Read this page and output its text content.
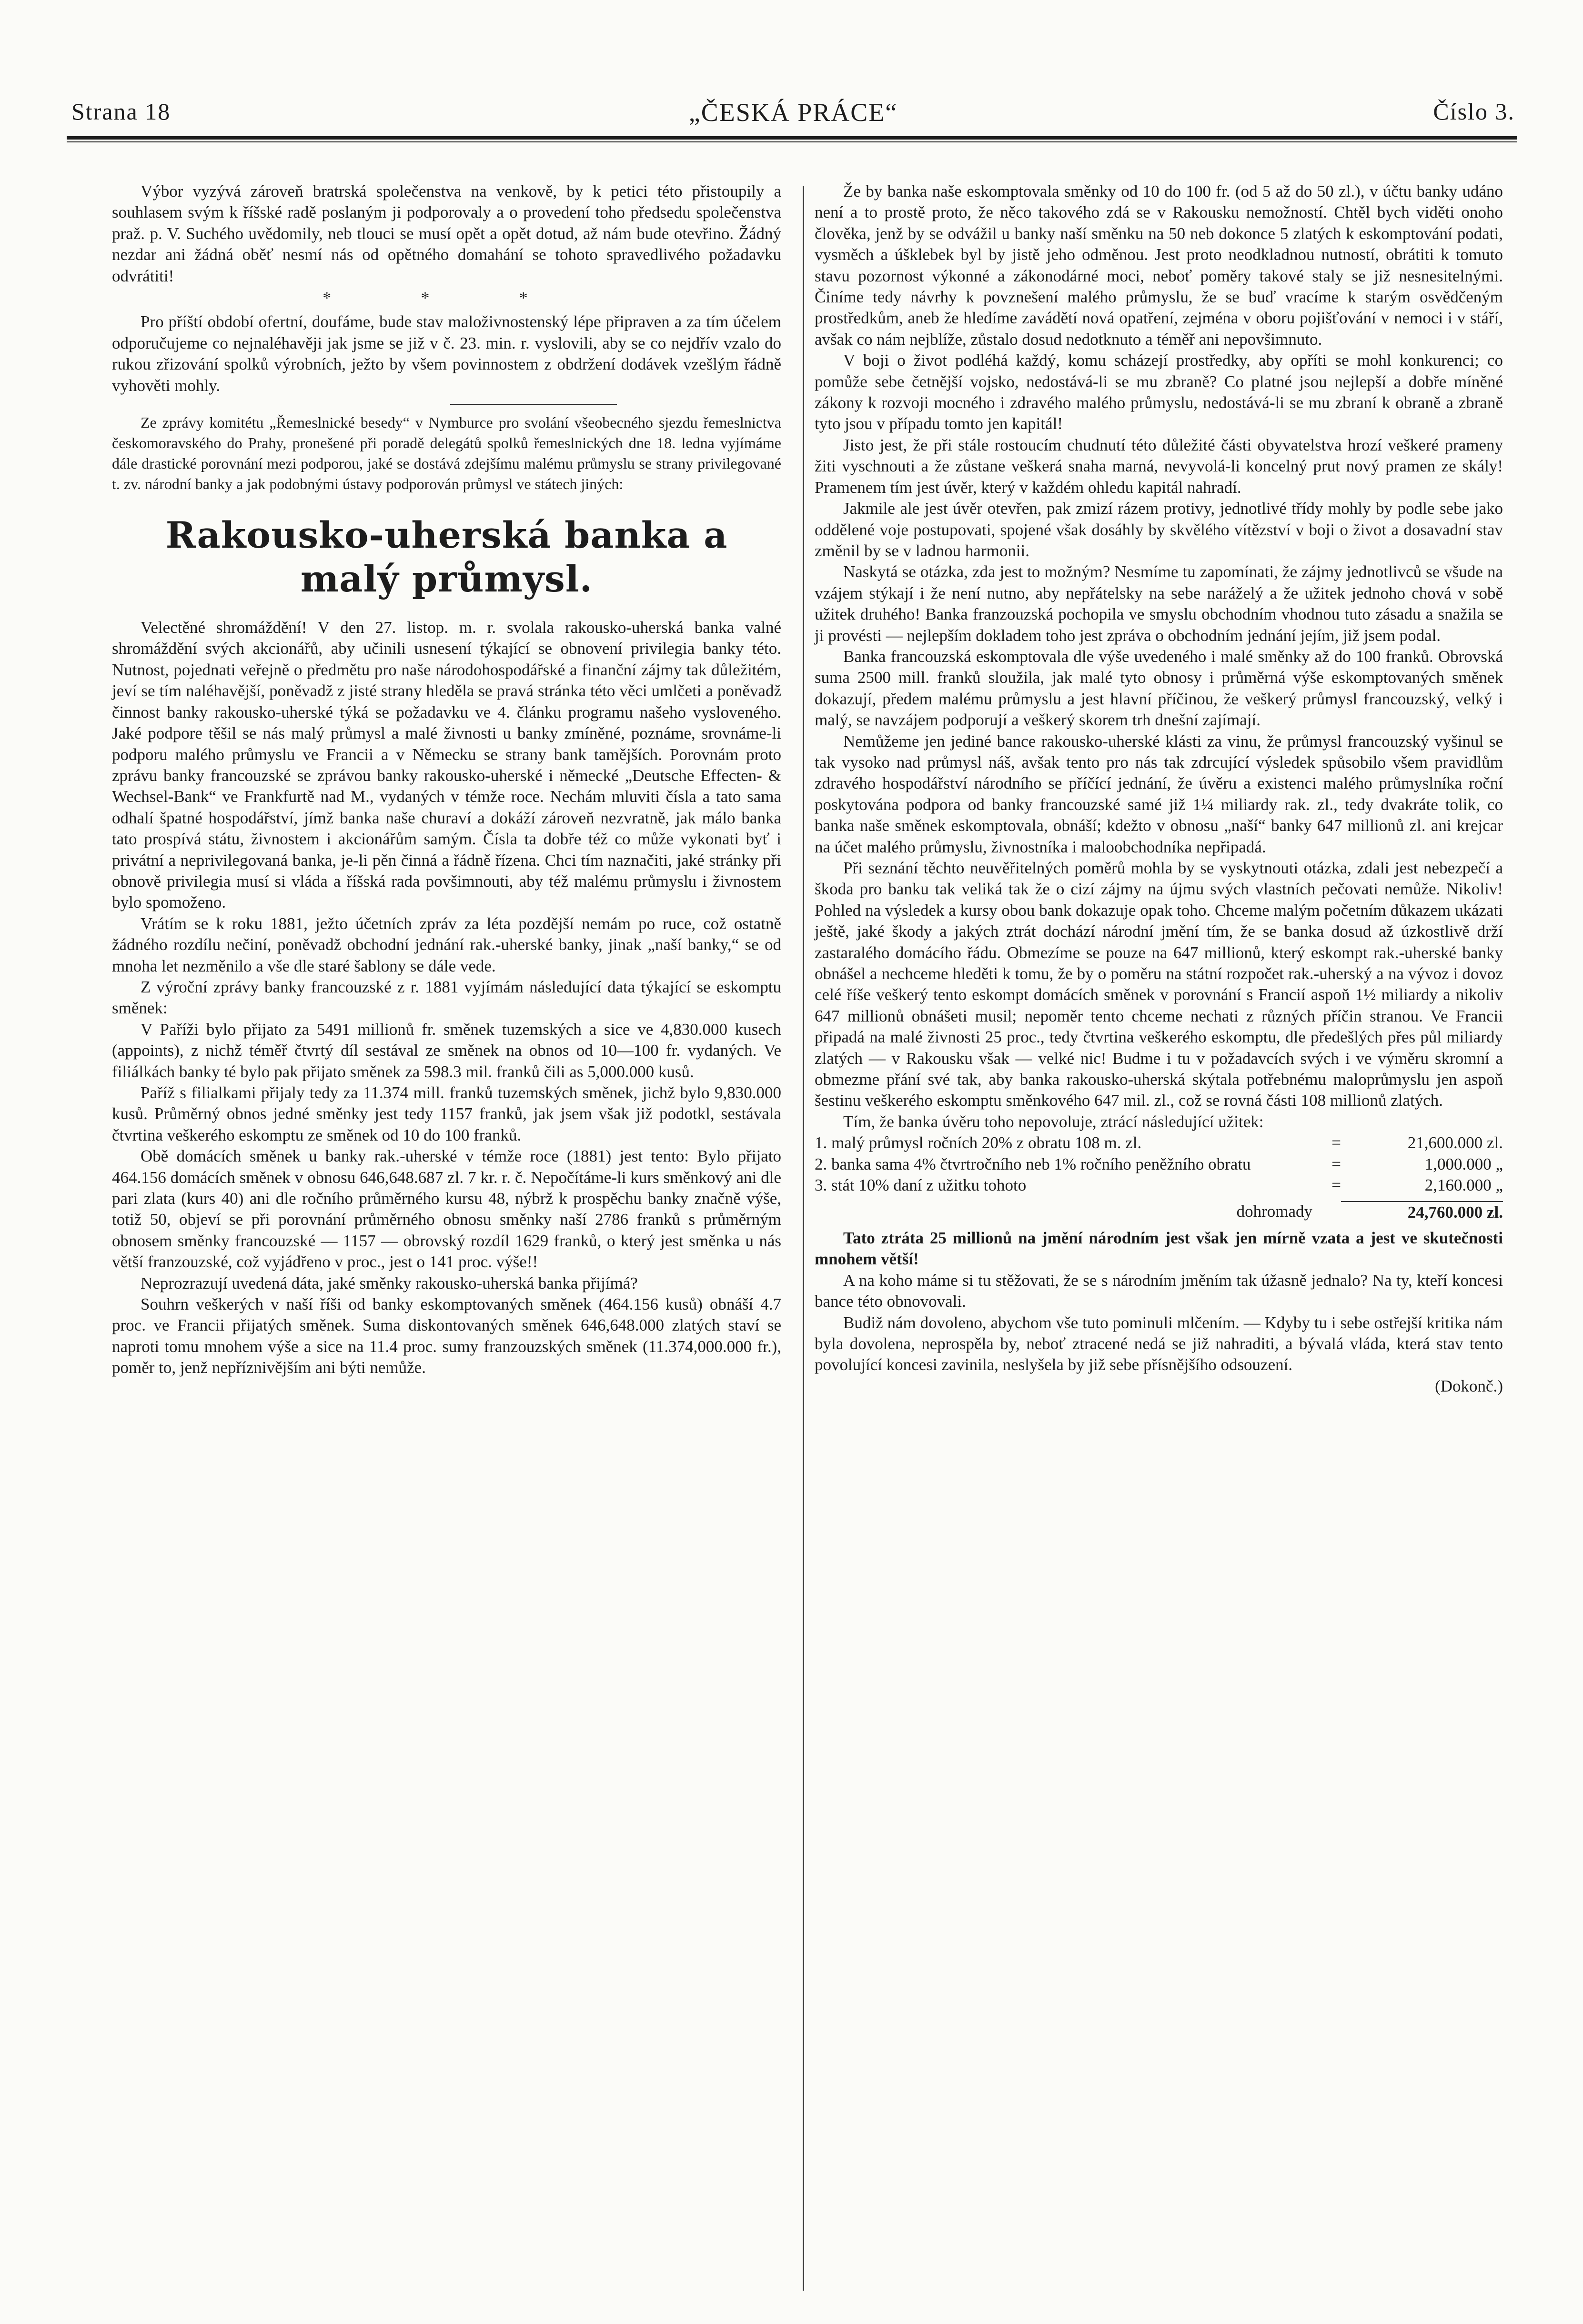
Strana 18	„ČESKÁ PRÁCE“	Číslo 3.

Výbor vyzývá zároveň bratrská společenstva na venkově, by k petici této přistoupily a souhlasem svým k říšské radě poslaným ji podporovaly a o provedení toho předsedu společenstva praž. p. V. Suchého uvědomily, neb tlouci se musí opět a opět dotud, až nám bude otevřino. Žádný nezdar ani žádná oběť nesmí nás od opětného domahání se tohoto spravedlivého požadavku odvrátiti!

* * *

Pro příští období ofertní, doufáme, bude stav maloživnostenský lépe připraven a za tím účelem odporučujeme co nejnaléhavěji jak jsme se již v č. 23. min. r. vyslovili, aby se co nejdřív vzalo do rukou zřizování spolků výrobních, ježto by všem povinnostem z obdržení dodávek vzešlým řádně vyhověti mohly.

Ze zprávy komitétu „Řemeslnické besedy“ v Nymburce pro svolání všeobecného sjezdu řemeslnictva českomoravského do Prahy, pronešené při poradě delegátů spolků řemeslnických dne 18. ledna vyjímáme dále drastické porovnání mezi podporou, jaké se dostává zdejšímu malému průmyslu se strany privilegované t. zv. národní banky a jak podobnými ústavy podporován průmysl ve státech jiných:

Rakousko-uherská banka a malý průmysl.

Velectěné shromáždění! V den 27. listop. m. r. svolala rakousko-uherská banka valné shromáždění svých akcionářů, aby učinili usnesení týkající se obnovení privilegia banky této. Nutnost, pojednati veřejně o předmětu pro naše národohospodářské a finanční zájmy tak důležitém, jeví se tím naléhavější, poněvadž z jisté strany hleděla se pravá stránka této věci umlčeti a poněvadž činnost banky rakousko-uherské týká se požadavku ve 4. článku programu našeho vysloveného. Jaké podpore těšil se nás malý průmysl a malé živnosti u banky zmíněné, poznáme, srovnáme-li podporu malého průmyslu ve Francii a v Německu se strany bank tamějších. Porovnám proto zprávu banky francouzské se zprávou banky rakousko-uherské i německé „Deutsche Effecten- & Wechsel-Bank“ ve Frankfurtě nad M., vydaných v témže roce. Nechám mluviti čísla a tato sama odhalí špatné hospodářství, jímž banka naše churaví a dokáží zároveň nezvratně, jak málo banka tato prospívá státu, živnostem i akcionářům samým. Čísla ta dobře též co může vykonati byť i privátní a neprivilegovaná banka, je-li pěn činná a řádně řízena. Chci tím naznačiti, jaké stránky při obnově privilegia musí si vláda a říšská rada povšimnouti, aby též malému průmyslu i živnostem bylo spomoženo.

Vrátím se k roku 1881, ježto účetních zpráv za léta pozdější nemám po ruce, což ostatně žádného rozdílu nečiní, poněvadž obchodní jednání rak.-uherské banky, jinak „naší banky,“ se od mnoha let nezměnilo a vše dle staré šablony se dále vede.

Z výroční zprávy banky francouzské z r. 1881 vyjímám následující data týkající se eskomptu směnek:

V Paříži bylo přijato za 5491 millionů fr. směnek tuzemských a sice ve 4,830.000 kusech (appoints), z nichž téměř čtvrtý díl sestával ze směnek na obnos od 10—100 fr. vydaných. Ve filiálkách banky té bylo pak přijato směnek za 598.3 mil. franků čili as 5,000.000 kusů.

Paříž s filialkami přijaly tedy za 11.374 mill. franků tuzemských směnek, jichž bylo 9,830.000 kusů. Průměrný obnos jedné směnky jest tedy 1157 franků, jak jsem však již podotkl, sestávala čtvrtina veškerého eskomptu ze směnek od 10 do 100 franků.

Obě domácích směnek u banky rak.-uherské v témže roce (1881) jest tento: Bylo přijato 464.156 domácích směnek v obnosu 646,648.687 zl. 7 kr. r. č. Nepočítáme-li kurs směnkový ani dle pari zlata (kurs 40) ani dle ročního průměrného kursu 48, nýbrž k prospěchu banky značně výše, totiž 50, objeví se při porovnání průměrného obnosu směnky naší 2786 franků s průměrným obnosem směnky francouzské — 1157 — obrovský rozdíl 1629 franků, o který jest směnka u nás větší franzouzské, což vyjádřeno v proc., jest o 141 proc. výše!!

Neprozrazují uvedená dáta, jaké směnky rakousko-uherská banka přijímá?

Souhrn veškerých v naší říši od banky eskomptovaných směnek (464.156 kusů) obnáší 4.7 proc. ve Francii přijatých směnek. Suma diskontovaných směnek 646,648.000 zlatých staví se naproti tomu mnohem výše a sice na 11.4 proc. sumy franzouzských směnek (11.374,000.000 fr.), poměr to, jenž nepříznivějším ani býti nemůže.

Že by banka naše eskomptovala směnky od 10 do 100 fr. (od 5 až do 50 zl.), v účtu banky udáno není a to prostě proto, že něco takového zdá se v Rakousku nemožností. Chtěl bych viděti onoho člověka, jenž by se odvážil u banky naší směnku na 50 neb dokonce 5 zlatých k eskomptování podati, vysměch a úšklebek byl by jistě jeho odměnou. Jest proto neodkladnou nutností, obrátiti k tomuto stavu pozornost výkonné a zákonodárné moci, neboť poměry takové staly se již nesnesitelnými. Činíme tedy návrhy k povznešení malého průmyslu, že se buď vracíme k starým osvědčeným prostředkům, aneb že hledíme zavádětí nová opatření, zejména v oboru pojišťování v nemoci i v stáří, avšak co nám nejblíže, zůstalo dosud nedotknuto a téměř ani nepovšimnuto.

V boji o život podléhá každý, komu scházejí prostředky, aby opříti se mohl konkurenci; co pomůže sebe četnější vojsko, nedostává-li se mu zbraně? Co platné jsou nejlepší a dobře míněné zákony k rozvoji mocného i zdravého malého průmyslu, nedostává-li se mu zbraní k obraně a zbraně tyto jsou v případu tomto jen kapitál!

Jisto jest, že při stále rostoucím chudnutí této důležité části obyvatelstva hrozí veškeré prameny žiti vyschnouti a že zůstane veškerá snaha marná, nevyvolá-li koncelný prut nový pramen ze skály! Pramenem tím jest úvěr, který v každém ohledu kapitál nahradí.

Jakmile ale jest úvěr otevřen, pak zmizí rázem protivy, jednotlivé třídy mohly by podle sebe jako oddělené voje postupovati, spojené však dosáhly by skvělého vítězství v boji o život a dosavadní stav změnil by se v ladnou harmonii.

Naskytá se otázka, zda jest to možným? Nesmíme tu zapomínati, že zájmy jednotlivců se všude na vzájem stýkají i že není nutno, aby nepřátelsky na sebe naráželý a že užitek jednoho chová v sobě užitek druhého! Banka franzouzská pochopila ve smyslu obchodním vhodnou tuto zásadu a snažila se ji provésti — nejlepším dokladem toho jest zpráva o obchodním jednání jejím, již jsem podal.

Banka francouzská eskomptovala dle výše uvedeného i malé směnky až do 100 franků. Obrovská suma 2500 mill. franků sloužila, jak malé tyto obnosy i průměrná výše eskomptovaných směnek dokazují, předem malému průmyslu a jest hlavní příčinou, že veškerý průmysl francouzský, velký i malý, se navzájem podporují a veškerý skorem trh dnešní zajímají.

Nemůžeme jen jediné bance rakousko-uherské klásti za vinu, že průmysl francouzský vyšinul se tak vysoko nad průmysl náš, avšak tento pro nás tak zdrcující výsledek spůsobilo všem pravidlům zdravého hospodářství národního se příčící jednání, že úvěru a existenci malého průmyslníka roční poskytována podpora od banky francouzské samé již 1¼ miliardy rak. zl., tedy dvakráte tolik, co banka naše směnek eskomptovala, obnáší; kdežto v obnosu „naší“ banky 647 millionů zl. ani krejcar na účet malého průmyslu, živnostníka i maloobchodníka nepřipadá.

Při seznání těchto neuvěřitelných poměrů mohla by se vyskytnouti otázka, zdali jest nebezpečí a škoda pro banku tak veliká tak že o cizí zájmy na újmu svých vlastních pečovati nemůže. Nikoliv! Pohled na výsledek a kursy obou bank dokazuje opak toho. Chceme malým početním důkazem ukázati ještě, jaké škody a jakých ztrát dochází národní jmění tím, že se banka dosud až úzkostlivě drží zastaralého domácího řádu. Obmezíme se pouze na 647 millionů, který eskompt rak.-uherské banky obnášel a nechceme hleděti k tomu, že by o poměru na státní rozpočet rak.-uherský a na vývoz i dovoz celé říše veškerý tento eskompt domácích směnek v porovnání s Francií aspoň 1½ miliardy a nikoliv 647 millionů obnášeti musil; nepoměr tento chceme nechati z různých příčin stranou. Ve Francii připadá na malé živnosti 25 proc., tedy čtvrtina veškerého eskomptu, dle předešlých přes půl miliardy zlatých — v Rakousku však — velké nic! Budme i tu v požadavcích svých i ve výměru skromní a obmezme přání své tak, aby banka rakousko-uherská skýtala potřebnému maloprůmyslu jen aspoň šestinu veškerého eskomptu směnkového 647 mil. zl., což se rovná části 108 millionů zlatých.

Tím, že banka úvěru toho nepovoluje, ztrácí následující užitek:

1. malý průmysl ročních 20% z obratu 108 m. zl.	=	21,600.000 zl.
2. banka sama 4% čtvrtročního neb 1% ročního peněžního obratu	=	1,000.000 „
3. stát 10% daní z užitku tohoto	=	2,160.000 „
dohromady	24,760.000 zl.

Tato ztráta 25 millionů na jmění národním jest však jen mírně vzata a jest ve skutečnosti mnohem větší!

A na koho máme si tu stěžovati, že se s národním jměním tak úžasně jednalo? Na ty, kteří koncesi bance této obnovovali.

Budiž nám dovoleno, abychom vše tuto pominuli mlčením. — Kdyby tu i sebe ostřejší kritika nám byla dovolena, neprospěla by, neboť ztracené nedá se již nahraditi, a bývalá vláda, která stav tento povolující koncesi zavinila, neslyšela by již sebe přísnějšího odsouzení.

(Dokonč.)
